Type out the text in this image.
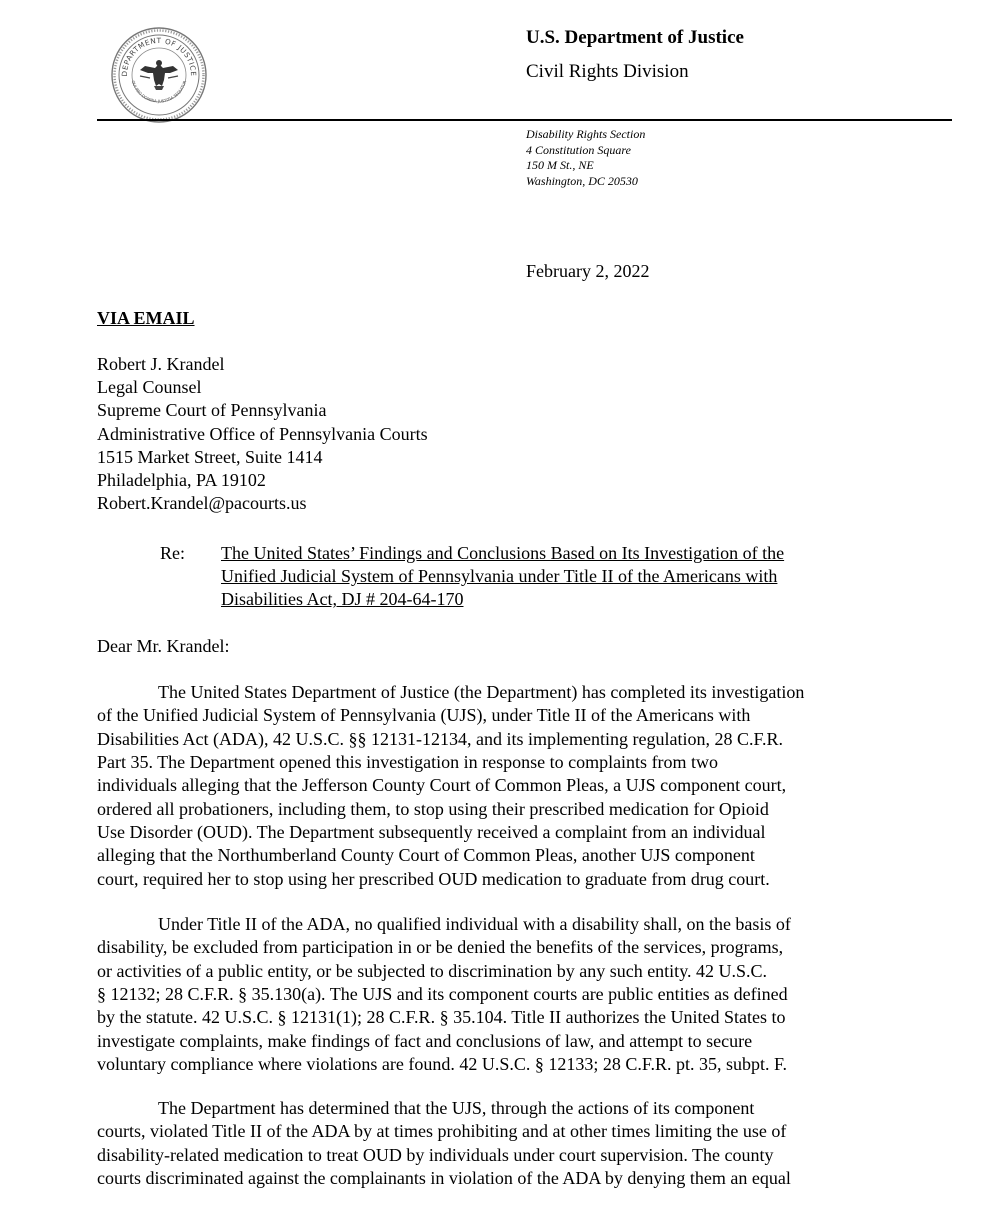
DEPARTMENT OF JUSTICE
QUI PRO DOMINA JUSTITIA SEQUITUR
U.S. Department of Justice
Civil Rights Division
Disability Rights Section
4 Constitution Square
150 M St., NE
Washington, DC 20530
February 2, 2022
VIA EMAIL
Robert J. Krandel
Legal Counsel
Supreme Court of Pennsylvania
Administrative Office of Pennsylvania Courts
1515 Market Street, Suite 1414
Philadelphia, PA 19102
Robert.Krandel@pacourts.us
Re:	The United States’ Findings and Conclusions Based on Its Investigation of the
Unified Judicial System of Pennsylvania under Title II of the Americans with
Disabilities Act, DJ # 204-64-170
Dear Mr. Krandel:
The United States Department of Justice (the Department) has completed its investigation
of the Unified Judicial System of Pennsylvania (UJS), under Title II of the Americans with
Disabilities Act (ADA), 42 U.S.C. §§ 12131-12134, and its implementing regulation, 28 C.F.R.
Part 35. The Department opened this investigation in response to complaints from two
individuals alleging that the Jefferson County Court of Common Pleas, a UJS component court,
ordered all probationers, including them, to stop using their prescribed medication for Opioid
Use Disorder (OUD). The Department subsequently received a complaint from an individual
alleging that the Northumberland County Court of Common Pleas, another UJS component
court, required her to stop using her prescribed OUD medication to graduate from drug court.
Under Title II of the ADA, no qualified individual with a disability shall, on the basis of
disability, be excluded from participation in or be denied the benefits of the services, programs,
or activities of a public entity, or be subjected to discrimination by any such entity. 42 U.S.C.
§ 12132; 28 C.F.R. § 35.130(a). The UJS and its component courts are public entities as defined
by the statute. 42 U.S.C. § 12131(1); 28 C.F.R. § 35.104. Title II authorizes the United States to
investigate complaints, make findings of fact and conclusions of law, and attempt to secure
voluntary compliance where violations are found. 42 U.S.C. § 12133; 28 C.F.R. pt. 35, subpt. F.
The Department has determined that the UJS, through the actions of its component
courts, violated Title II of the ADA by at times prohibiting and at other times limiting the use of
disability-related medication to treat OUD by individuals under court supervision. The county
courts discriminated against the complainants in violation of the ADA by denying them an equal
